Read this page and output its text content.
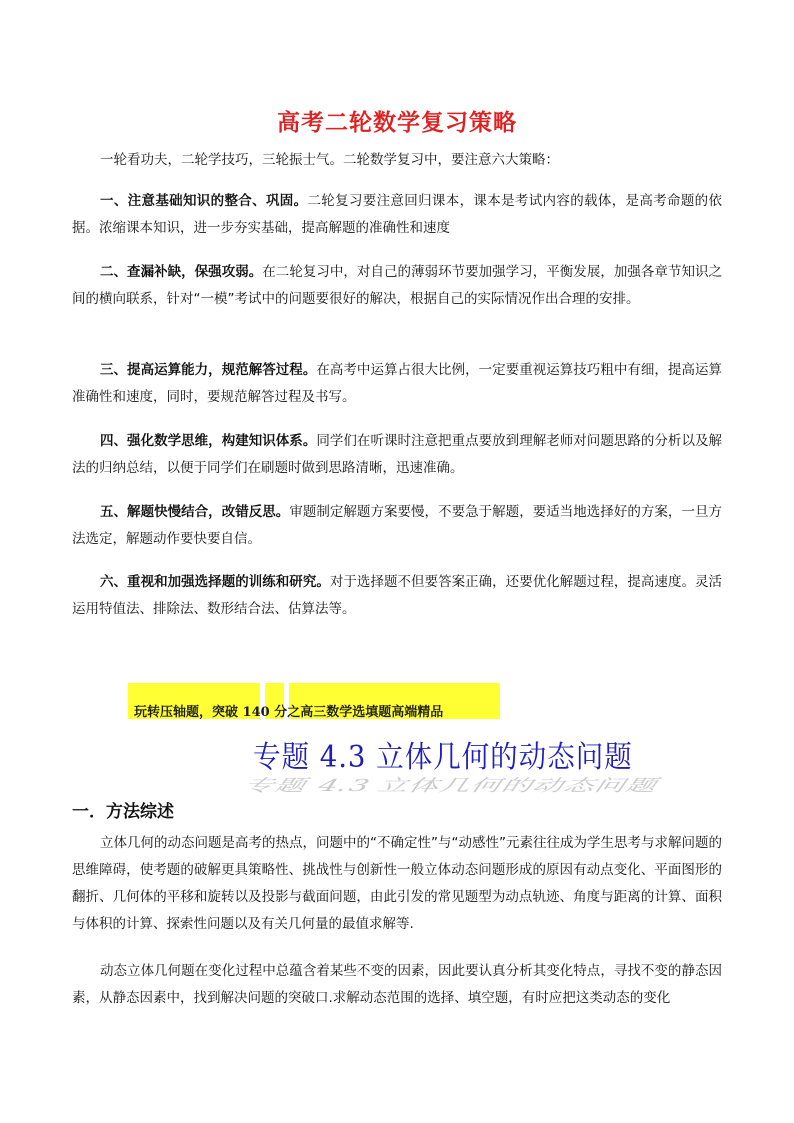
高考二轮数学复习策略

一轮看功夫，二轮学技巧，三轮振士气。二轮数学复习中，要注意六大策略：

一、注意基础知识的整合、巩固。二轮复习要注意回归课本，课本是考试内容的载体，是高考命题的依据。浓缩课本知识，进一步夯实基础，提高解题的准确性和速度

二、查漏补缺，保强攻弱。在二轮复习中，对自己的薄弱环节要加强学习，平衡发展，加强各章节知识之间的横向联系，针对“一模”考试中的问题要很好的解决，根据自己的实际情况作出合理的安排。

三、提高运算能力，规范解答过程。在高考中运算占很大比例，一定要重视运算技巧粗中有细，提高运算准确性和速度，同时，要规范解答过程及书写。

四、强化数学思维，构建知识体系。同学们在听课时注意把重点要放到理解老师对问题思路的分析以及解法的归纳总结，以便于同学们在刷题时做到思路清晰，迅速准确。

五、解题快慢结合，改错反思。审题制定解题方案要慢，不要急于解题，要适当地选择好的方案，一旦方法选定，解题动作要快要自信。

六、重视和加强选择题的训练和研究。对于选择题不但要答案正确，还要优化解题过程，提高速度。灵活运用特值法、排除法、数形结合法、估算法等。

玩转压轴题，突破 140 分之高三数学选填题高端精品
专题 4.3 立体几何的动态问题
专题 4.3 立体几何的动态问题
一．方法综述

立体几何的动态问题是高考的热点，问题中的“不确定性”与“动感性”元素往往成为学生思考与求解问题的思维障碍，使考题的破解更具策略性、挑战性与创新性一般立体动态问题形成的原因有动点变化、平面图形的翻折、几何体的平移和旋转以及投影与截面问题，由此引发的常见题型为动点轨迹、角度与距离的计算、面积与体积的计算、探索性问题以及有关几何量的最值求解等.

动态立体几何题在变化过程中总蕴含着某些不变的因素，因此要认真分析其变化特点，寻找不变的静态因素，从静态因素中，找到解决问题的突破口.求解动态范围的选择、填空题，有时应把这类动态的变化
